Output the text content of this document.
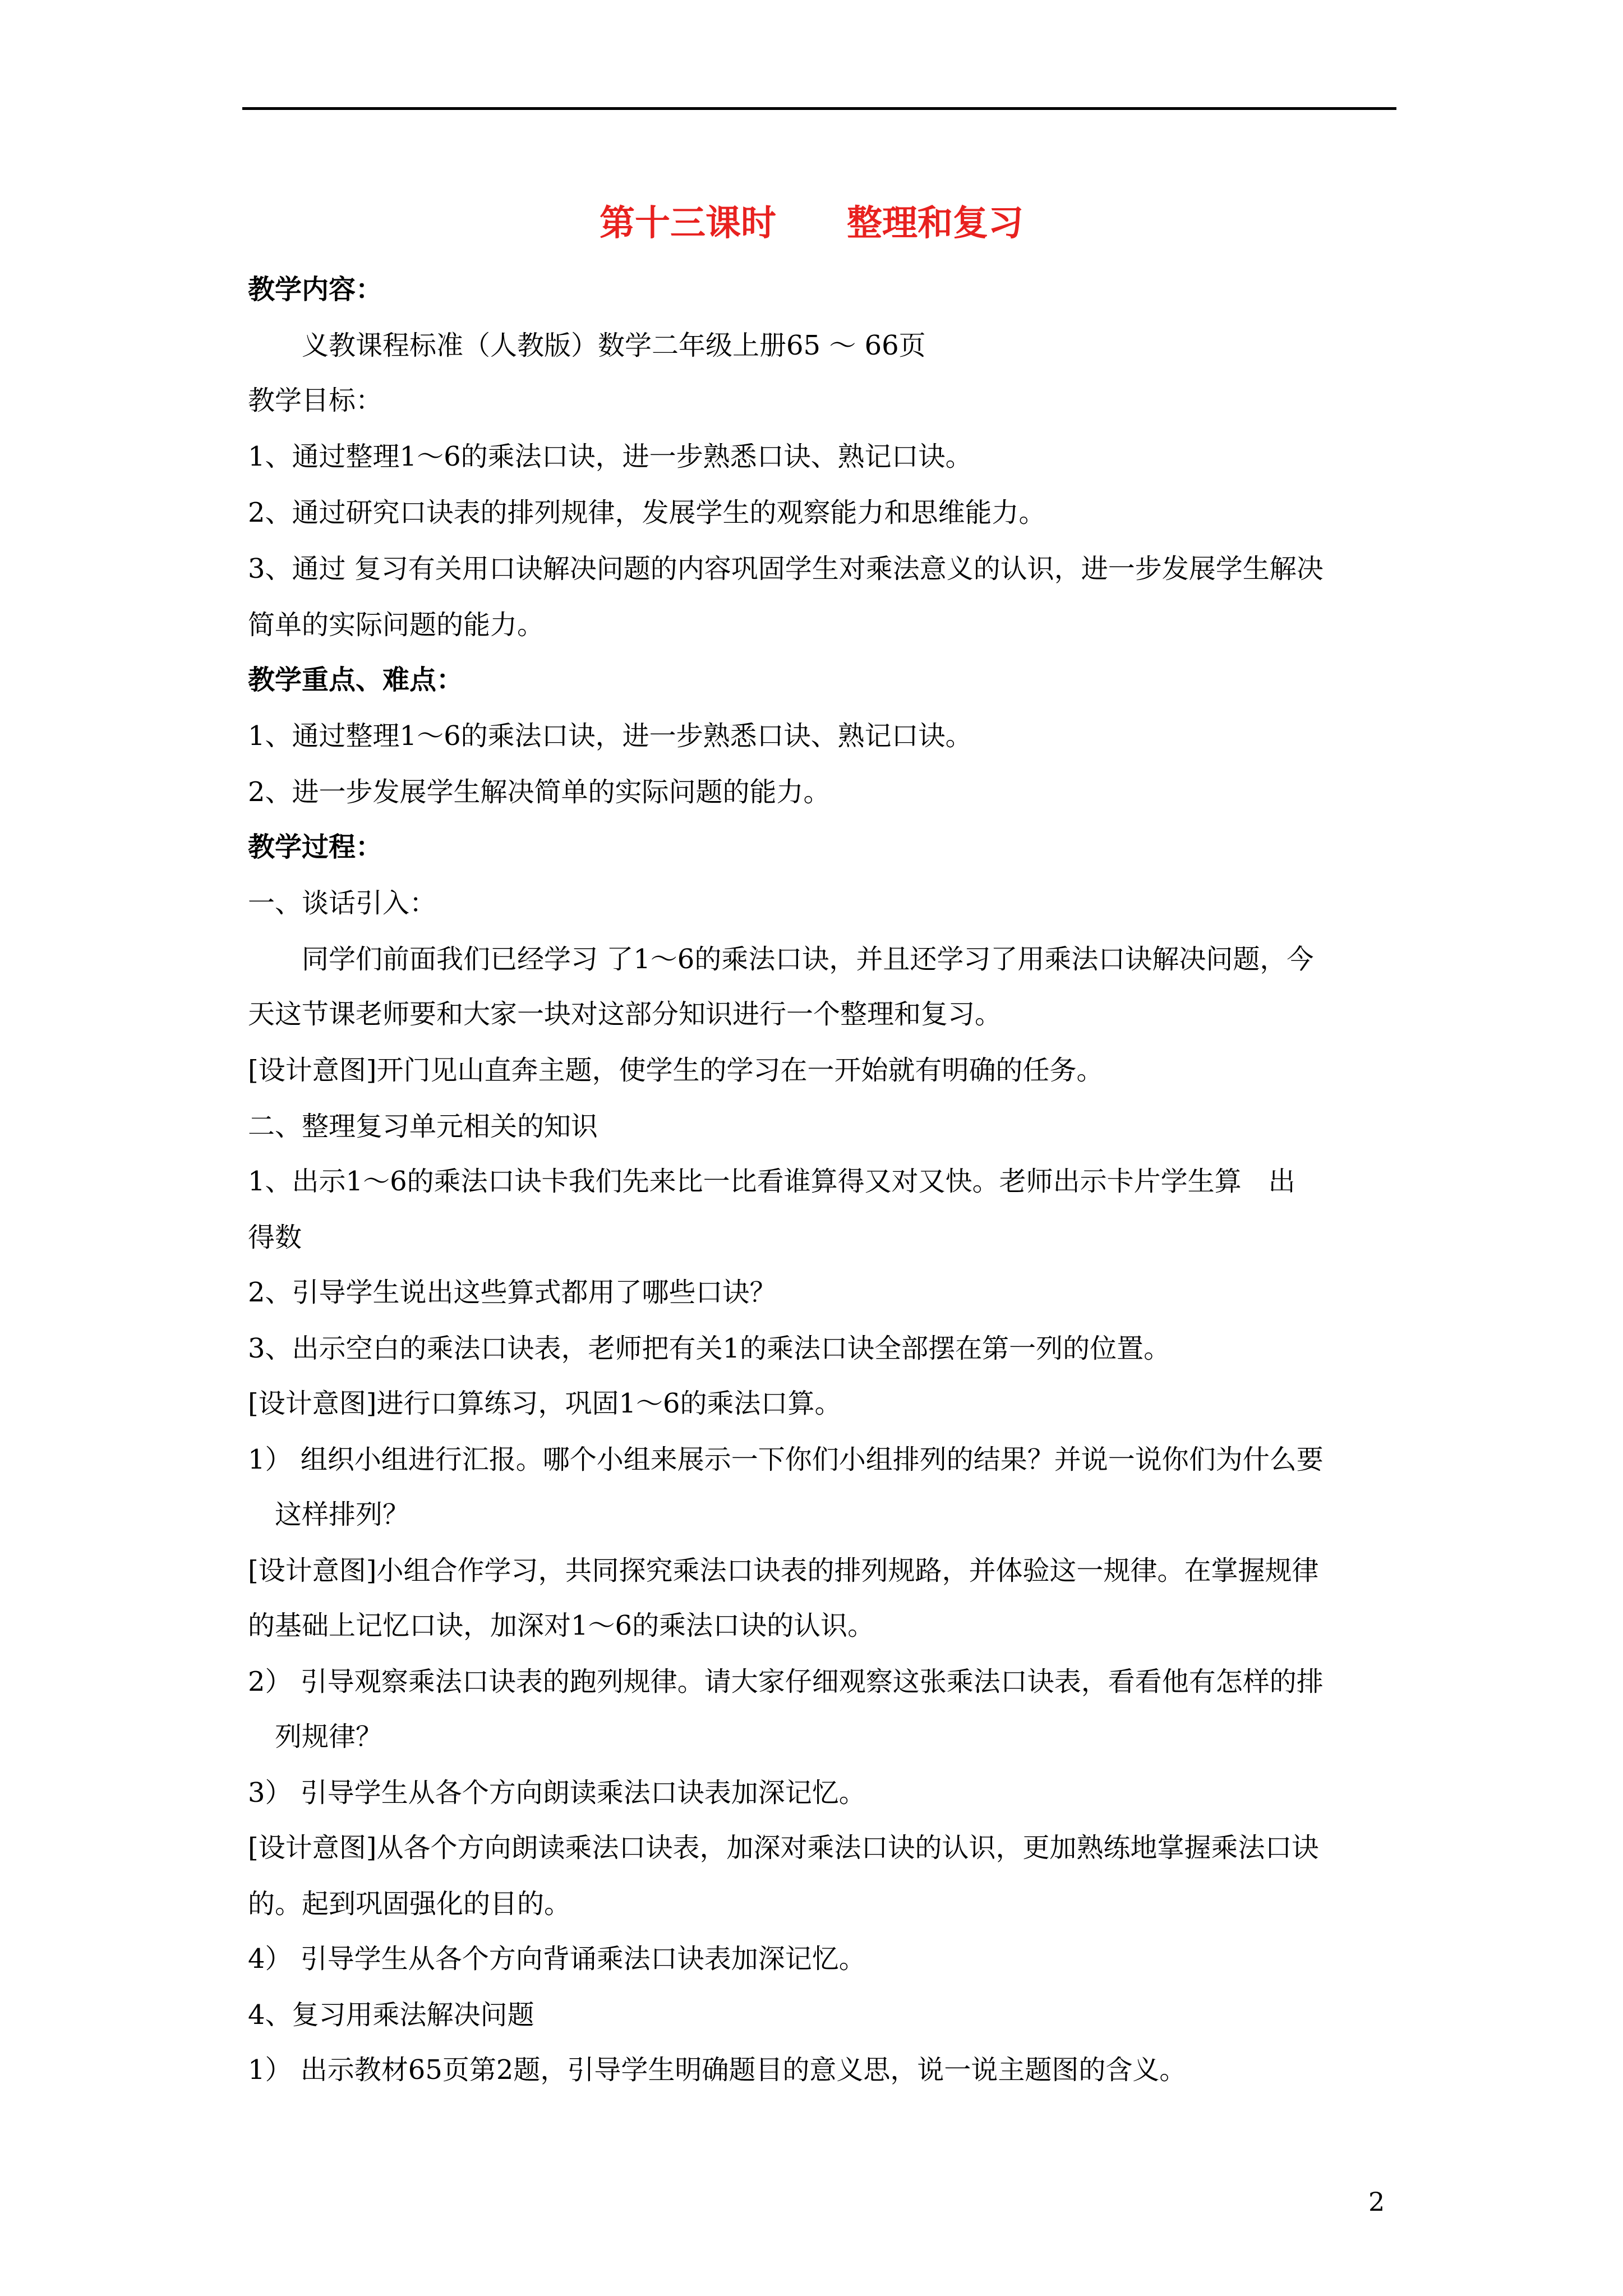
第十三课时　　整理和复习
教学内容：
　　义教课程标准（人教版）数学二年级上册65 ～ 66页
教学目标：
1、通过整理1～6的乘法口诀，进一步熟悉口诀、熟记口诀。
2、通过研究口诀表的排列规律，发展学生的观察能力和思维能力。
3、通过 复习有关用口诀解决问题的内容巩固学生对乘法意义的认识，进一步发展学生解决
简单的实际问题的能力。
教学重点、难点：
1、通过整理1～6的乘法口诀，进一步熟悉口诀、熟记口诀。
2、进一步发展学生解决简单的实际问题的能力。
教学过程：
一、谈话引入：
　　同学们前面我们已经学习 了1～6的乘法口诀，并且还学习了用乘法口诀解决问题，今
天这节课老师要和大家一块对这部分知识进行一个整理和复习。
[设计意图]开门见山直奔主题，使学生的学习在一开始就有明确的任务。
二、整理复习单元相关的知识
1、出示1～6的乘法口诀卡我们先来比一比看谁算得又对又快。老师出示卡片学生算　出
得数
2、引导学生说出这些算式都用了哪些口诀？
3、出示空白的乘法口诀表，老师把有关1的乘法口诀全部摆在第一列的位置。
[设计意图]进行口算练习，巩固1～6的乘法口算。
1） 组织小组进行汇报。哪个小组来展示一下你们小组排列的结果？并说一说你们为什么要
　这样排列？
[设计意图]小组合作学习，共同探究乘法口诀表的排列规路，并体验这一规律。在掌握规律
的基础上记忆口诀，加深对1～6的乘法口诀的认识。
2） 引导观察乘法口诀表的跑列规律。请大家仔细观察这张乘法口诀表，看看他有怎样的排
　列规律？
3） 引导学生从各个方向朗读乘法口诀表加深记忆。
[设计意图]从各个方向朗读乘法口诀表，加深对乘法口诀的认识，更加熟练地掌握乘法口诀
的。起到巩固强化的目的。
4） 引导学生从各个方向背诵乘法口诀表加深记忆。
4、复习用乘法解决问题
1） 出示教材65页第2题，引导学生明确题目的意义思，说一说主题图的含义。
2
